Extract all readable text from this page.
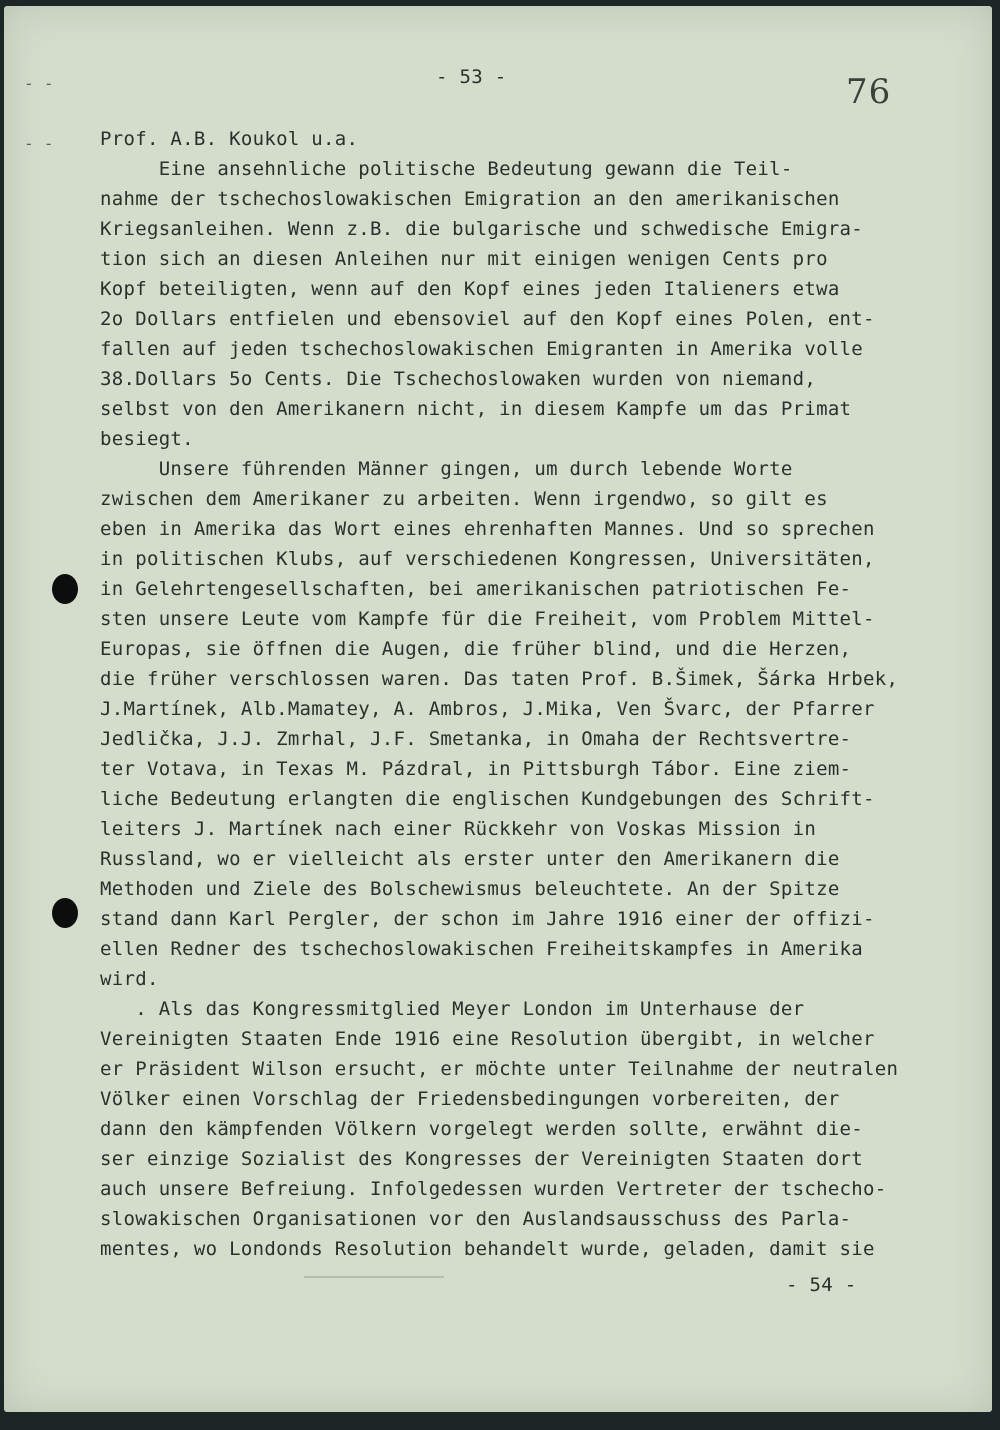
- 53 -	76
- -
- - Prof. A.B. Koukol u.a.
Eine ansehnliche politische Bedeutung gewann die Teil-
nahme der tschechoslowakischen Emigration an den amerikanischen
Kriegsanleihen. Wenn z.B. die bulgarische und schwedische Emigra-
tion sich an diesen Anleihen nur mit einigen wenigen Cents pro
Kopf beteiligten, wenn auf den Kopf eines jeden Italieners etwa
2o Dollars entfielen und ebensoviel auf den Kopf eines Polen, ent-
fallen auf jeden tschechoslowakischen Emigranten in Amerika volle
38.Dollars 5o Cents. Die Tschechoslowaken wurden von niemand,
selbst von den Amerikanern nicht, in diesem Kampfe um das Primat
besiegt.
Unsere führenden Männer gingen, um durch lebende Worte
zwischen dem Amerikaner zu arbeiten. Wenn irgendwo, so gilt es
eben in Amerika das Wort eines ehrenhaften Mannes. Und so sprechen
in politischen Klubs, auf verschiedenen Kongressen, Universitäten,
in Gelehrtengesellschaften, bei amerikanischen patriotischen Fe-
sten unsere Leute vom Kampfe für die Freiheit, vom Problem Mittel-
Europas, sie öffnen die Augen, die früher blind, und die Herzen,
die früher verschlossen waren. Das taten Prof. B.Šimek, Šárka Hrbek,
J.Martínek, Alb.Mamatey, A. Ambros, J.Mika, Ven Švarc, der Pfarrer
Jedlička, J.J. Zmrhal, J.F. Smetanka, in Omaha der Rechtsvertre-
ter Votava, in Texas M. Pázdral, in Pittsburgh Tábor. Eine ziem-
liche Bedeutung erlangten die englischen Kundgebungen des Schrift-
leiters J. Martínek nach einer Rückkehr von Voskas Mission in
Russland, wo er vielleicht als erster unter den Amerikanern die
Methoden und Ziele des Bolschewismus beleuchtete. An der Spitze
stand dann Karl Pergler, der schon im Jahre 1916 einer der offizi-
ellen Redner des tschechoslowakischen Freiheitskampfes in Amerika
wird.
. Als das Kongressmitglied Meyer London im Unterhause der
Vereinigten Staaten Ende 1916 eine Resolution übergibt, in welcher
er Präsident Wilson ersucht, er möchte unter Teilnahme der neutralen
Völker einen Vorschlag der Friedensbedingungen vorbereiten, der
dann den kämpfenden Völkern vorgelegt werden sollte, erwähnt die-
ser einzige Sozialist des Kongresses der Vereinigten Staaten dort
auch unsere Befreiung. Infolgedessen wurden Vertreter der tschecho-
slowakischen Organisationen vor den Auslandsausschuss des Parla-
mentes, wo Londonds Resolution behandelt wurde, geladen, damit sie
- 54 -
